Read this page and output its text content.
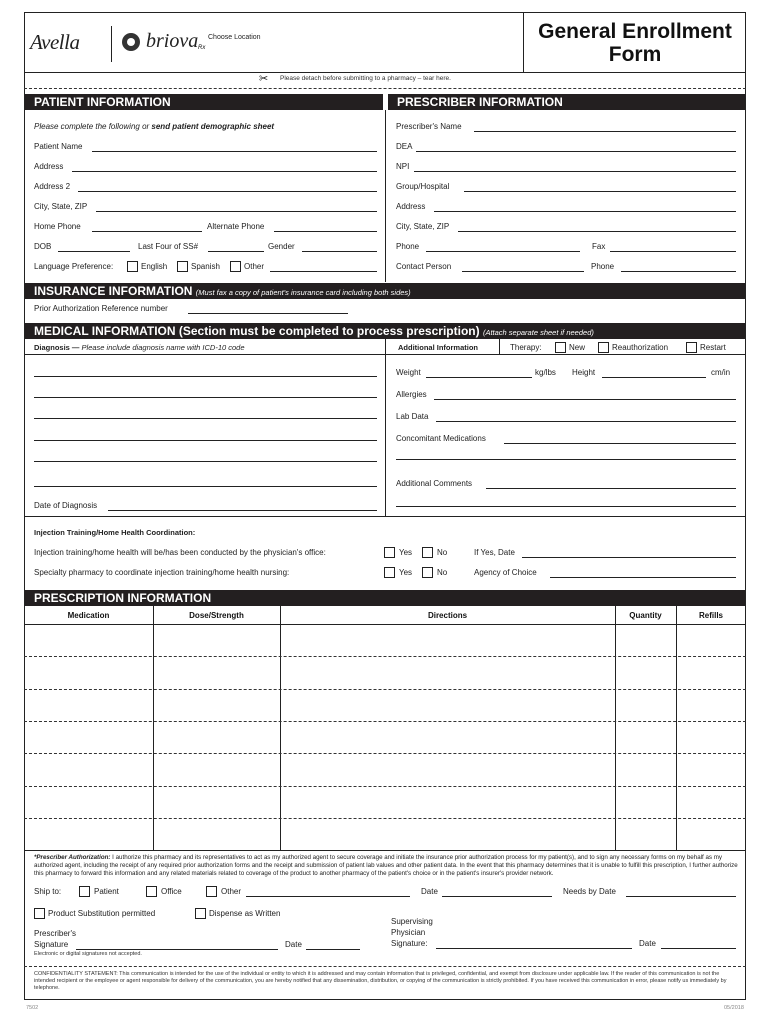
Avella	briova Rx
Choose Location	General Enrollment
Form
✂ Please detach before submitting to a pharmacy – tear here.
PATIENT INFORMATION	PRESCRIBER INFORMATION
Please complete the following or send patient demographic sheet
Patient Name
Address
Address 2
City, State, ZIP
Home Phone	Alternate Phone
DOB	Last Four of SS#	Gender
Language Preference:	English	Spanish	Other
Prescriber's Name
DEA
NPI
Group/Hospital
Address
City, State, ZIP
Phone	Fax
Contact Person	Phone
INSURANCE INFORMATION (Must fax a copy of patient's insurance card including both sides)
Prior Authorization Reference number
MEDICAL INFORMATION (Section must be completed to process prescription) (Attach separate sheet if needed)
Diagnosis — Please include diagnosis name with ICD-10 code	Additional Information	Therapy:	New	Reauthorization	Restart
Date of Diagnosis
Weight	kg/lbs Height	cm/in
Allergies
Lab Data
Concomitant Medications
Additional Comments
Injection Training/Home Health Coordination:
Injection training/home health will be/has been conducted by the physician's office:	Yes	No	If Yes, Date
Specialty pharmacy to coordinate injection training/home health nursing:	Yes	No	Agency of Choice
PRESCRIPTION INFORMATION
Medication	Dose/Strength	Directions	Quantity	Refills
*Prescriber Authorization: I authorize this pharmacy and its representatives to act as my authorized agent to secure coverage and initiate the insurance prior authorization process for my patient(s), and to sign any necessary forms on my behalf as my authorized agent, including the receipt of any required prior authorization forms and the receipt and submission of patient lab values and other patient data. In the event that this pharmacy determines that it is unable to fulfill this prescription, I further authorize this pharmacy to forward this information and any related materials related to coverage of the product to another pharmacy of the patient's choice or in the patient's insurer's provider network.
Ship to:	Patient	Office	Other	Date	Needs by Date
Product Substitution permitted	Dispense as Written
Prescriber's
Signature	Date
Supervising
Physician
Signature:	Date
Electronic or digital signatures not accepted.
CONFIDENTIALITY STATEMENT: This communication is intended for the use of the individual or entity to which it is addressed and may contain information that is privileged, confidential, and exempt from disclosure under applicable law. If the reader of this communication is not the intended recipient or the employee or agent responsible for delivery of the communication, you are hereby notified that any dissemination, distribution, or copying of the communication is strictly prohibited. If you have received this communication in error, please notify us immediately by telephone.
7502	05/2018
